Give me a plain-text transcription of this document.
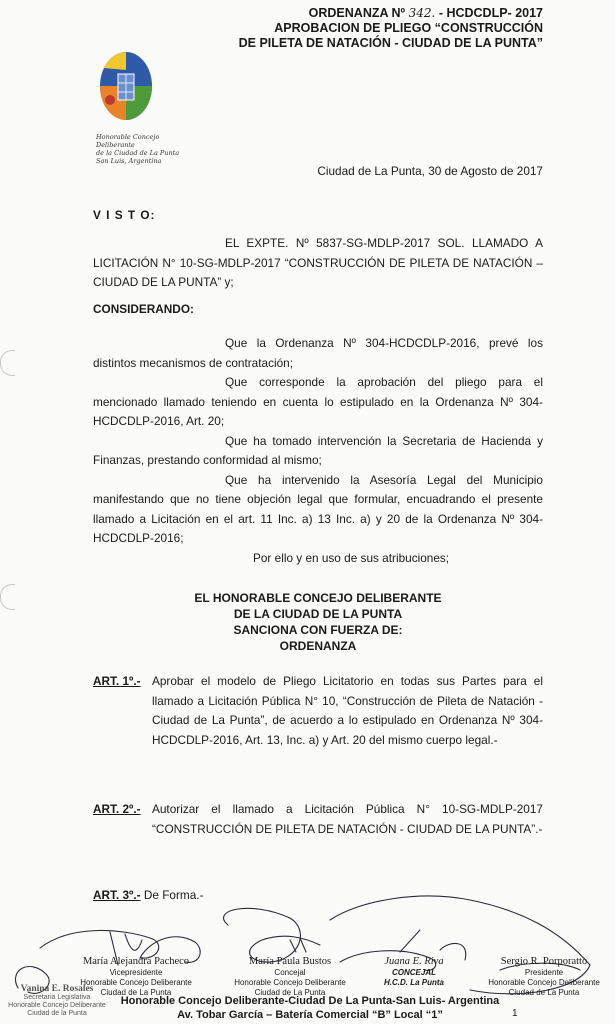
ORDENANZA Nº 342. - HCDCDLP- 2017
APROBACION DE PLIEGO “CONSTRUCCIÓN
DE PILETA DE NATACIÓN - CIUDAD DE LA PUNTA”
Honorable Concejo Deliberante
de la Ciudad de La Punta
San Luis, Argentina
Ciudad de La Punta, 30 de Agosto de 2017
V I S T O:
EL EXPTE. Nº 5837-SG-MDLP-2017 SOL. LLAMADO A LICITACIÓN N° 10-SG-MDLP-2017 “CONSTRUCCIÓN DE PILETA DE NATACIÓN – CIUDAD DE LA PUNTA” y;
CONSIDERANDO:
Que la Ordenanza Nº 304-HCDCDLP-2016, prevé los distintos mecanismos de contratación;
Que corresponde la aprobación del pliego para el mencionado llamado teniendo en cuenta lo estipulado en la Ordenanza Nº 304-HCDCDLP-2016, Art. 20;
Que ha tomado intervención la Secretaria de Hacienda y Finanzas, prestando conformidad al mismo;
Que ha intervenido la Asesoría Legal del Municipio manifestando que no tiene objeción legal que formular, encuadrando el presente llamado a Licitación en el art. 11 Inc. a) 13 Inc. a) y 20 de la Ordenanza Nº 304-HCDCDLP-2016;
Por ello y en uso de sus atribuciones;
EL HONORABLE CONCEJO DELIBERANTE
DE LA CIUDAD DE LA PUNTA
SANCIONA CON FUERZA DE:
ORDENANZA
ART. 1º.- Aprobar el modelo de Pliego Licitatorio en todas sus Partes para el llamado a Licitación Pública N° 10, “Construcción de Pileta de Natación - Ciudad de La Punta”, de acuerdo a lo estipulado en Ordenanza Nº 304-HCDCDLP-2016, Art. 13, Inc. a) y Art. 20 del mismo cuerpo legal.-
ART. 2º.- Autorizar el llamado a Licitación Pública N° 10-SG-MDLP-2017 “CONSTRUCCIÓN DE PILETA DE NATACIÓN - CIUDAD DE LA PUNTA”.-
ART. 3º.- De Forma.-
María Alejandra Pacheco
Vicepresidente
Honorable Concejo Deliberante
Ciudad de La Punta
María Paula Bustos
Concejal
Honorable Concejo Deliberante
Ciudad de La Punta
Juana E. Riva
CONCEJAL
H.C.D. La Punta
Sergio R. Porporatto
Presidente
Honorable Concejo Deliberante
Ciudad de La Punta
Vanina E. Rosales
Secretaria Legislativa
Honorable Concejo Deliberante
Ciudad de la Punta
Honorable Concejo Deliberante-Ciudad De La Punta-San Luis- Argentina
Av. Tobar García – Batería Comercial “B” Local “1”	1
